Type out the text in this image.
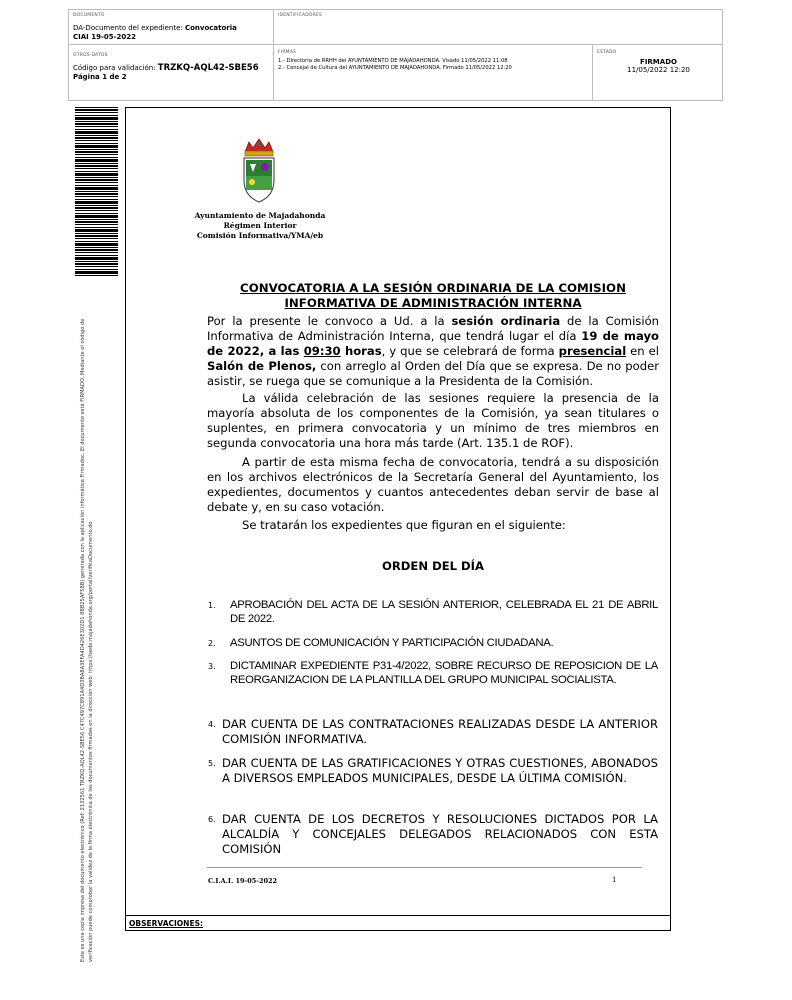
DOCUMENTO
DA-Documento del expediente: Convocatoria
CIAI 19-05-2022
IDENTIFICADORES
OTROS DATOS
Código para validación: TRZKQ-AQL42-SBE56
Página 1 de 2
FIRMAS
1.- Directoria de RRHH del AYUNTAMIENTO DE MAJADAHONDA. Visado 11/05/2022 11:08
2.- Concejal de Cultura del AYUNTAMIENTO DE MAJADAHONDA. Firmado 11/05/2022 12:20
ESTADO
FIRMADO
11/05/2022 12:20
Este es una copia impresa del documento electrónico (Ref: 2132561 TRZKQ-AQL42-SBE56 C47C497C891A4D3BA8A3EFA4D426E302D1 8BB25AF58B) generada con la aplicación informática Firmadoc. El documento está FIRMADO. Mediante el código de verificación puede comprobar la validez de la firma electrónica de los documentos firmados en la dirección web: https://sede.majadahonda.org/portal/verificaDocumento.do
Ayuntamiento de Majadahonda
Régimen Interior
Comisión Informativa/YMA/eb
CONVOCATORIA A LA SESIÓN ORDINARIA DE LA COMISION
INFORMATIVA DE ADMINISTRACIÓN INTERNA
Por la presente le convoco a Ud. a la sesión ordinaria de la Comisión Informativa de Administración Interna, que tendrá lugar el día 19 de mayo de 2022, a las 09:30 horas, y que se celebrará de forma presencial en el Salón de Plenos, con arreglo al Orden del Día que se expresa. De no poder asistir, se ruega que se comunique a la Presidenta de la Comisión.
La válida celebración de las sesiones requiere la presencia de la mayoría absoluta de los componentes de la Comisión, ya sean titulares o suplentes, en primera convocatoria y un mínimo de tres miembros en segunda convocatoria una hora más tarde (Art. 135.1 de ROF).
A partir de esta misma fecha de convocatoria, tendrá a su disposición en los archivos electrónicos de la Secretaría General del Ayuntamiento, los expedientes, documentos y cuantos antecedentes deban servir de base al debate y, en su caso votación.
Se tratarán los expedientes que figuran en el siguiente:
ORDEN DEL DÍA
1. APROBACIÓN DEL ACTA DE LA SESIÓN ANTERIOR, CELEBRADA EL 21 DE ABRIL DE 2022.
2. ASUNTOS DE COMUNICACIÓN Y PARTICIPACIÓN CIUDADANA.
3. DICTAMINAR EXPEDIENTE P31-4/2022, SOBRE RECURSO DE REPOSICION DE LA REORGANIZACION DE LA PLANTILLA DEL GRUPO MUNICIPAL SOCIALISTA.
4. DAR CUENTA DE LAS CONTRATACIONES REALIZADAS DESDE LA ANTERIOR COMISIÓN INFORMATIVA.
5. DAR CUENTA DE LAS GRATIFICACIONES Y OTRAS CUESTIONES, ABONADOS A DIVERSOS EMPLEADOS MUNICIPALES, DESDE LA ÚLTIMA COMISIÓN.
6. DAR CUENTA DE LOS DECRETOS Y RESOLUCIONES DICTADOS POR LA ALCALDÍA Y CONCEJALES DELEGADOS RELACIONADOS CON ESTA COMISIÓN
C.I.A.I. 19-05-2022	1
OBSERVACIONES:
